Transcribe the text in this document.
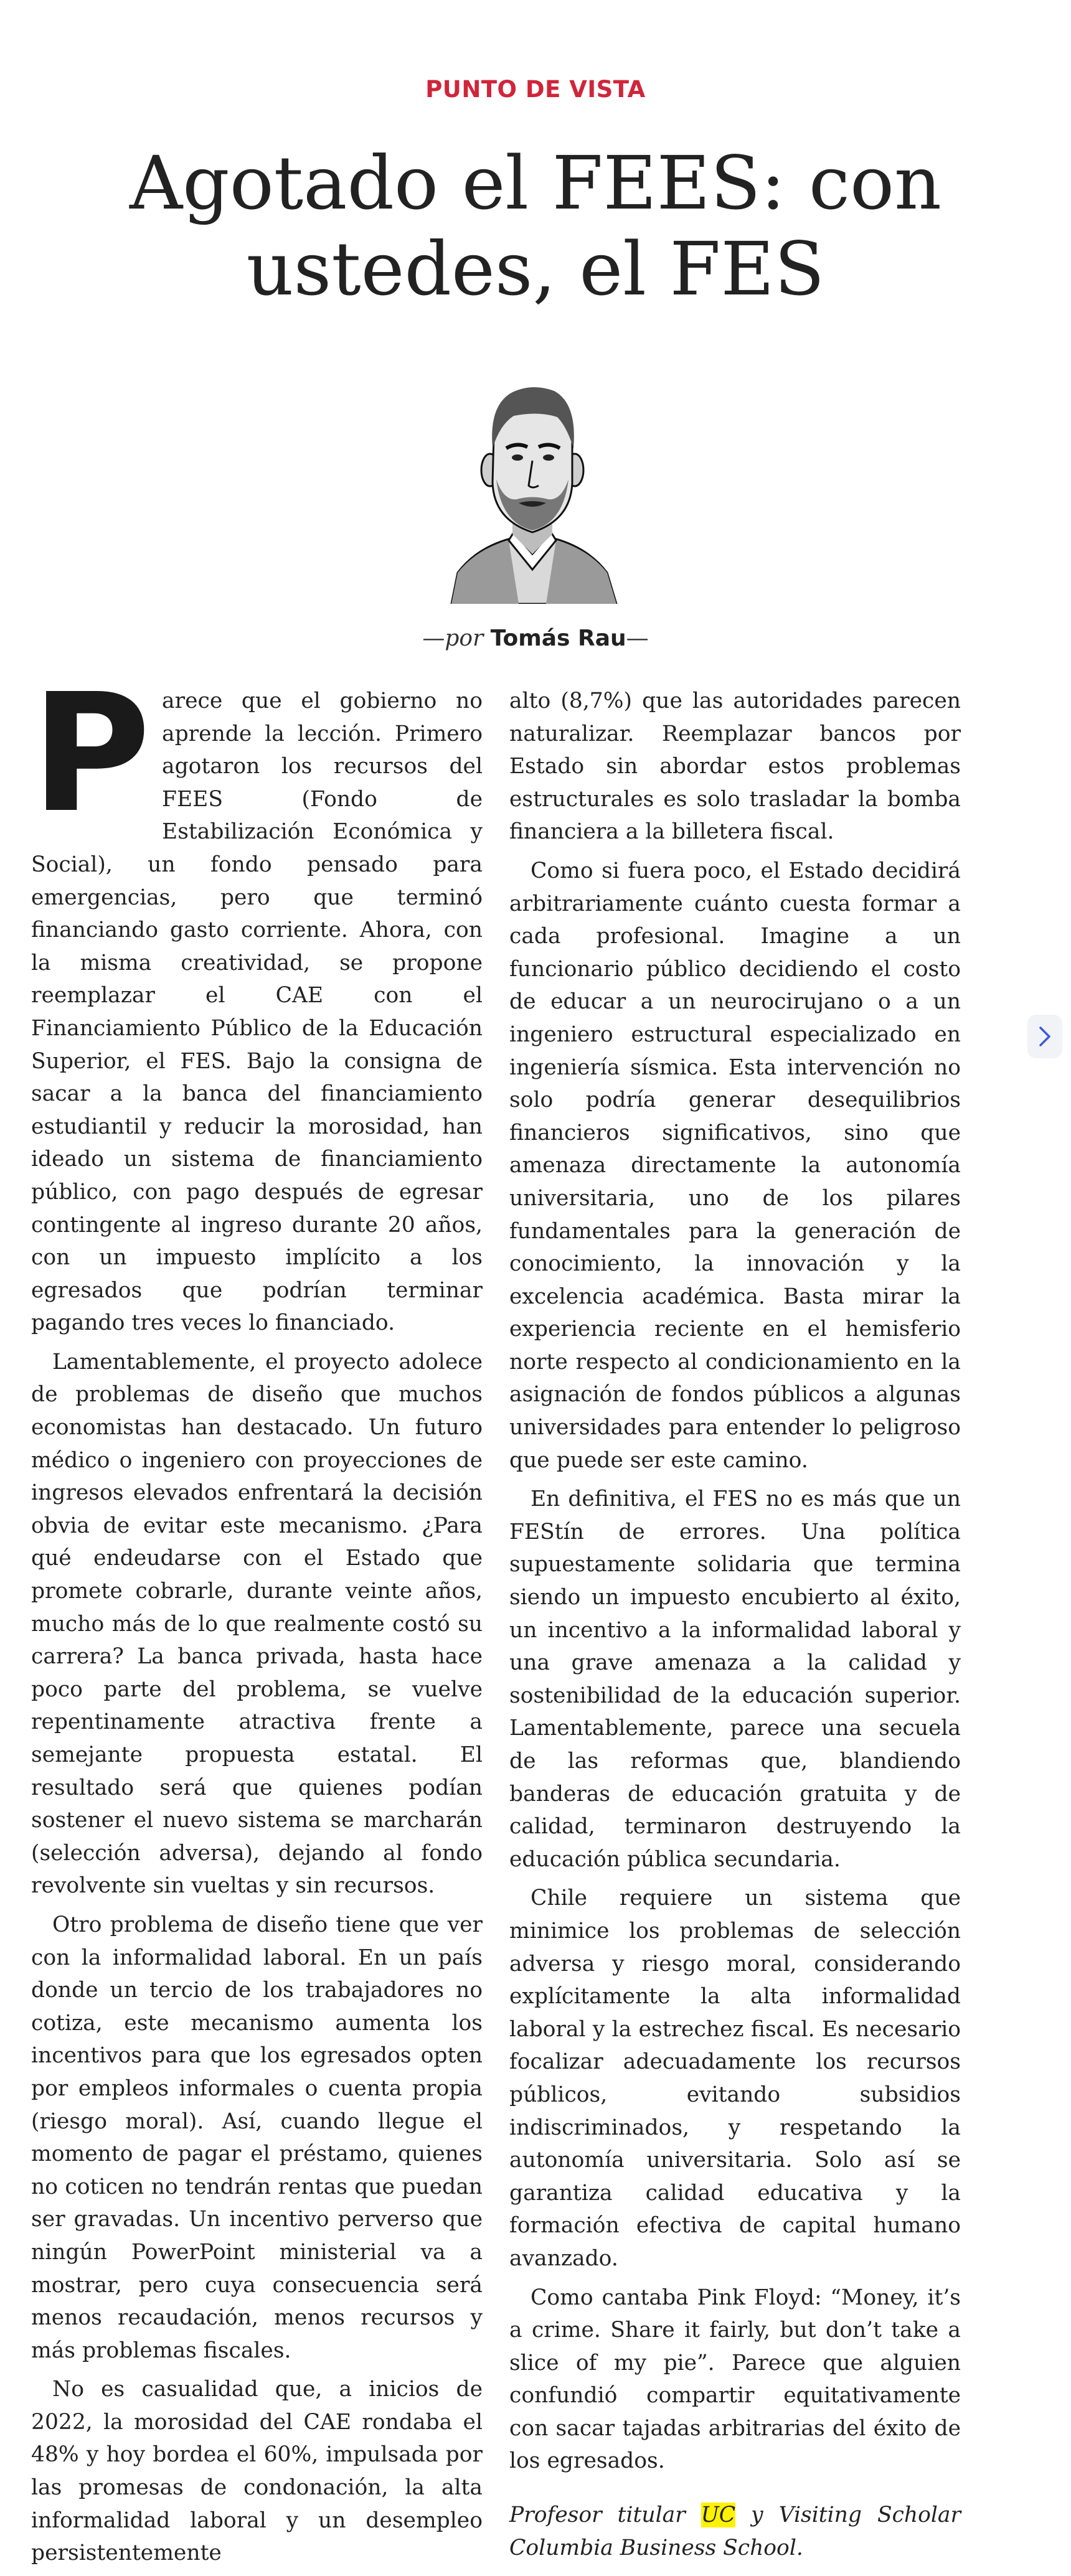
PUNTO DE VISTA
Agotado el FEES: con ustedes, el FES
—por Tomás Rau—

Parece que el gobierno no aprende la lección. Primero agotaron los recursos del FEES (Fondo de Estabilización Económica y Social), un fondo pensado para emergencias, pero que terminó financiando gasto corriente. Ahora, con la misma creatividad, se propone reemplazar el CAE con el Financiamiento Público de la Educación Superior, el FES. Bajo la consigna de sacar a la banca del financiamiento estudiantil y reducir la morosidad, han ideado un sistema de financiamiento público, con pago después de egresar contingente al ingreso durante 20 años, con un impuesto implícito a los egresados que podrían terminar pagando tres veces lo financiado.

Lamentablemente, el proyecto adolece de problemas de diseño que muchos economistas han destacado. Un futuro médico o ingeniero con proyecciones de ingresos elevados enfrentará la decisión obvia de evitar este mecanismo. ¿Para qué endeudarse con el Estado que promete cobrarle, durante veinte años, mucho más de lo que realmente costó su carrera? La banca privada, hasta hace poco parte del problema, se vuelve repentinamente atractiva frente a semejante propuesta estatal. El resultado será que quienes podían sostener el nuevo sistema se marcharán (selección adversa), dejando al fondo revolvente sin vueltas y sin recursos.

Otro problema de diseño tiene que ver con la informalidad laboral. En un país donde un tercio de los trabajadores no cotiza, este mecanismo aumenta los incentivos para que los egresados opten por empleos informales o cuenta propia (riesgo moral). Así, cuando llegue el momento de pagar el préstamo, quienes no coticen no tendrán rentas que puedan ser gravadas. Un incentivo perverso que ningún PowerPoint ministerial va a mostrar, pero cuya consecuencia será menos recaudación, menos recursos y más problemas fiscales.

No es casualidad que, a inicios de 2022, la morosidad del CAE rondaba el 48% y hoy bordea el 60%, impulsada por las promesas de condonación, la alta informalidad laboral y un desempleo persistentemente

alto (8,7%) que las autoridades parecen naturalizar. Reemplazar bancos por Estado sin abordar estos problemas estructurales es solo trasladar la bomba financiera a la billetera fiscal.

Como si fuera poco, el Estado decidirá arbitrariamente cuánto cuesta formar a cada profesional. Imagine a un funcionario público decidiendo el costo de educar a un neurocirujano o a un ingeniero estructural especializado en ingeniería sísmica. Esta intervención no solo podría generar desequilibrios financieros significativos, sino que amenaza directamente la autonomía universitaria, uno de los pilares fundamentales para la generación de conocimiento, la innovación y la excelencia académica. Basta mirar la experiencia reciente en el hemisferio norte respecto al condicionamiento en la asignación de fondos públicos a algunas universidades para entender lo peligroso que puede ser este camino.

En definitiva, el FES no es más que un FEStín de errores. Una política supuestamente solidaria que termina siendo un impuesto encubierto al éxito, un incentivo a la informalidad laboral y una grave amenaza a la calidad y sostenibilidad de la educación superior. Lamentablemente, parece una secuela de las reformas que, blandiendo banderas de educación gratuita y de calidad, terminaron destruyendo la educación pública secundaria.

Chile requiere un sistema que minimice los problemas de selección adversa y riesgo moral, considerando explícitamente la alta informalidad laboral y la estrechez fiscal. Es necesario focalizar adecuadamente los recursos públicos, evitando subsidios indiscriminados, y respetando la autonomía universitaria. Solo así se garantiza calidad educativa y la formación efectiva de capital humano avanzado.

Como cantaba Pink Floyd: “Money, it’s a crime. Share it fairly, but don’t take a slice of my pie”. Parece que alguien confundió compartir equitativamente con sacar tajadas arbitrarias del éxito de los egresados.

Profesor titular UC y Visiting Scholar Columbia Business School.
